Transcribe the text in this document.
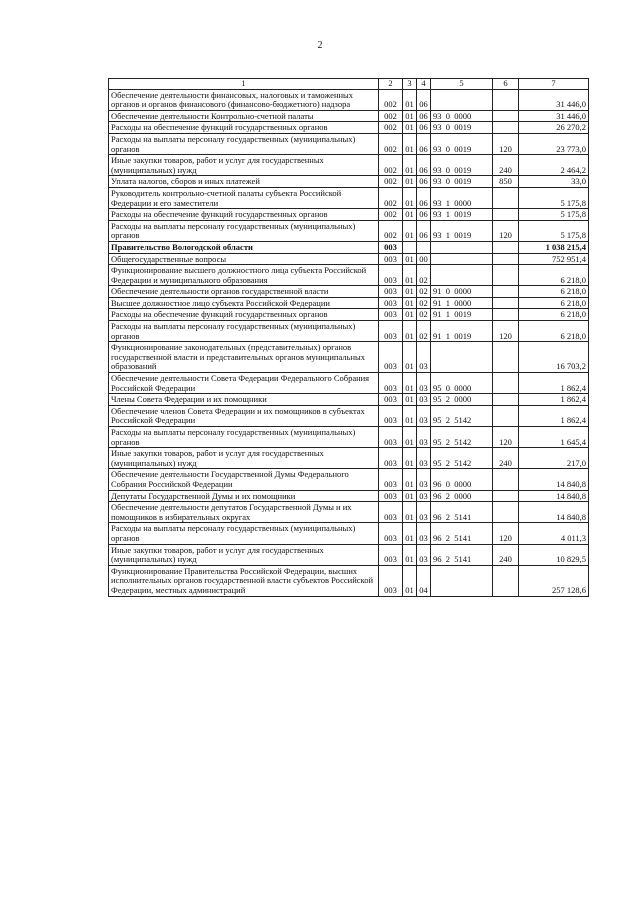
2
1	2	3	4	5	6	7
Обеспечение деятельности финансовых, налоговых и таможенных органов и органов финансового (финансово-бюджетного) надзора	002	01	06			31 446,0
Обеспечение деятельности Контрольно-счетной палаты	002	01	06	93  0  0000		31 446,0
Расходы на обеспечение функций государственных органов	002	01	06	93  0  0019		26 270,2
Расходы на выплаты персоналу государственных (муниципальных) органов	002	01	06	93  0  0019	120	23 773,0
Иные закупки товаров, работ и услуг для государственных (муниципальных) нужд	002	01	06	93  0  0019	240	2 464,2
Уплата налогов, сборов и иных платежей	002	01	06	93  0  0019	850	33,0
Руководитель контрольно-счетной палаты субъекта Российской Федерации и его заместители	002	01	06	93  1  0000		5 175,8
Расходы на обеспечение функций государственных органов	002	01	06	93  1  0019		5 175,8
Расходы на выплаты персоналу государственных (муниципальных) органов	002	01	06	93  1  0019	120	5 175,8
Правительство Вологодской области	003					1 038 215,4
Общегосударственные вопросы	003	01	00			752 951,4
Функционирование высшего должностного лица субъекта Российской Федерации и муниципального образования	003	01	02			6 218,0
Обеспечение деятельности органов государственной власти	003	01	02	91  0  0000		6 218,0
Высшее должностное лицо субъекта Российской Федерации	003	01	02	91  1  0000		6 218,0
Расходы на обеспечение функций государственных органов	003	01	02	91  1  0019		6 218,0
Расходы на выплаты персоналу государственных (муниципальных) органов	003	01	02	91  1  0019	120	6 218,0
Функционирование законодательных (представительных) органов государственной власти и представительных органов муниципальных образований	003	01	03			16 703,2
Обеспечение деятельности Совета Федерации Федерального Собрания Российской Федерации	003	01	03	95  0  0000		1 862,4
Члены Совета Федерации и их помощники	003	01	03	95  2  0000		1 862,4
Обеспечение членов Совета Федерации и их помощников в субъектах Российской Федерации	003	01	03	95  2  5142		1 862,4
Расходы на выплаты персоналу государственных (муниципальных) органов	003	01	03	95  2  5142	120	1 645,4
Иные закупки товаров, работ и услуг для государственных (муниципальных) нужд	003	01	03	95  2  5142	240	217,0
Обеспечение деятельности Государственной Думы Федерального Собрания Российской Федерации	003	01	03	96  0  0000		14 840,8
Депутаты Государственной Думы и их помощники	003	01	03	96  2  0000		14 840,8
Обеспечение деятельности депутатов Государственной Думы и их помощников в избирательных округах	003	01	03	96  2  5141		14 840,8
Расходы на выплаты персоналу государственных (муниципальных) органов	003	01	03	96  2  5141	120	4 011,3
Иные закупки товаров, работ и услуг для государственных (муниципальных) нужд	003	01	03	96  2  5141	240	10 829,5
Функционирование Правительства Российской Федерации, высших исполнительных органов государственной власти субъектов Российской Федерации, местных администраций	003	01	04			257 128,6
